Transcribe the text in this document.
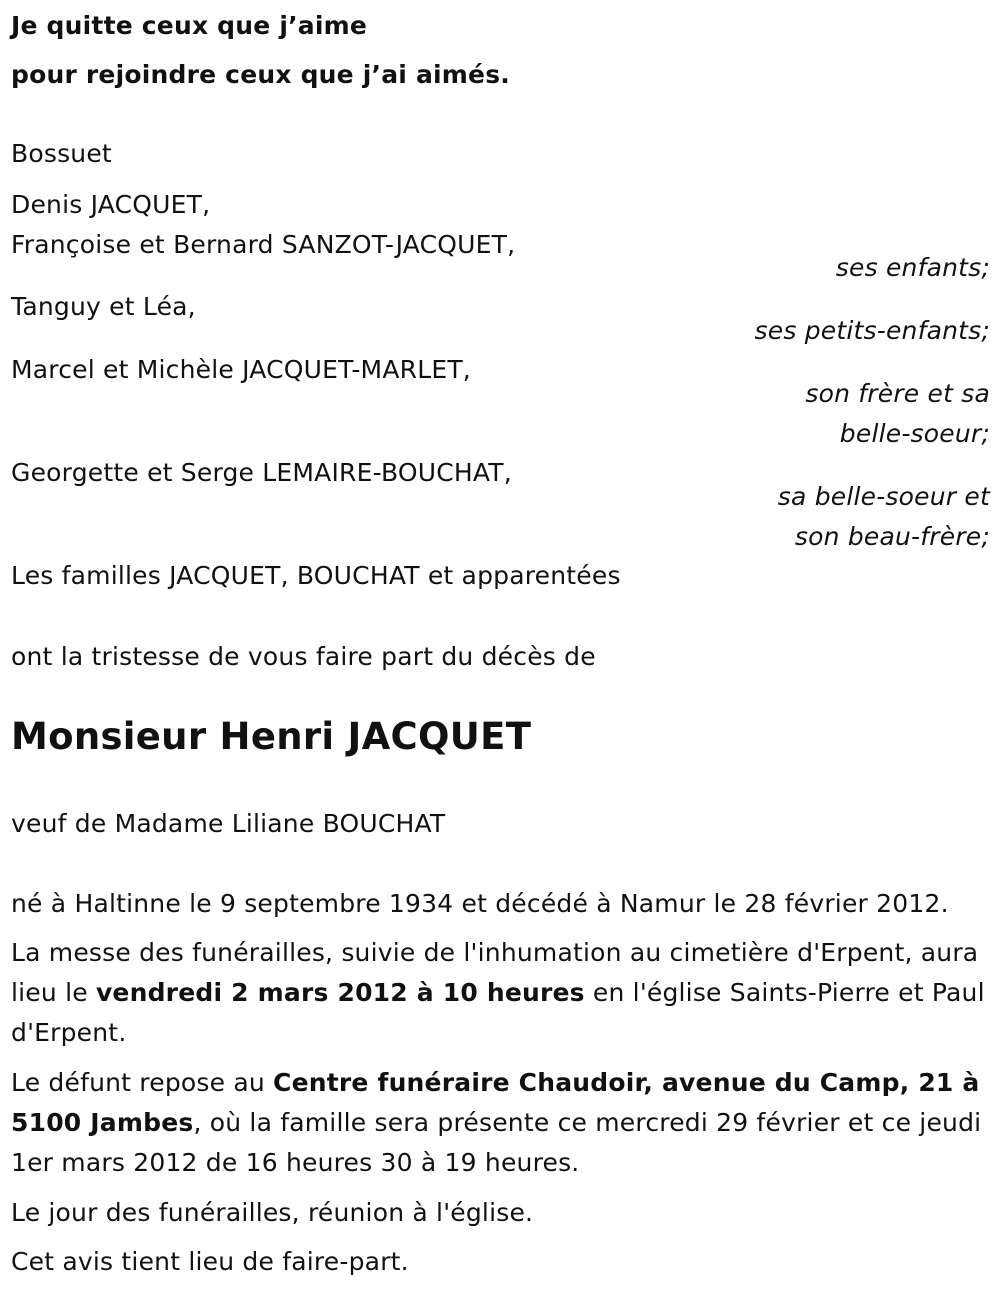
Je quitte ceux que j’aime
pour rejoindre ceux que j’ai aimés.
Bossuet
Denis JACQUET,
Françoise et Bernard SANZOT-JACQUET,
ses enfants;
Tanguy et Léa,
ses petits-enfants;
Marcel et Michèle JACQUET-MARLET,
son frère et sa
belle-soeur;
Georgette et Serge LEMAIRE-BOUCHAT,
sa belle-soeur et
son beau-frère;
Les familles JACQUET, BOUCHAT et apparentées
ont la tristesse de vous faire part du décès de
Monsieur Henri JACQUET
veuf de Madame Liliane BOUCHAT
né à Haltinne le 9 septembre 1934 et décédé à Namur le 28 février 2012.
La messe des funérailles, suivie de l'inhumation au cimetière d'Erpent, aura lieu le vendredi 2 mars 2012 à 10 heures en l'église Saints-Pierre et Paul d'Erpent.
Le défunt repose au Centre funéraire Chaudoir, avenue du Camp, 21 à 5100 Jambes, où la famille sera présente ce mercredi 29 février et ce jeudi 1er mars 2012 de 16 heures 30 à 19 heures.
Le jour des funérailles, réunion à l'église.
Cet avis tient lieu de faire-part.
